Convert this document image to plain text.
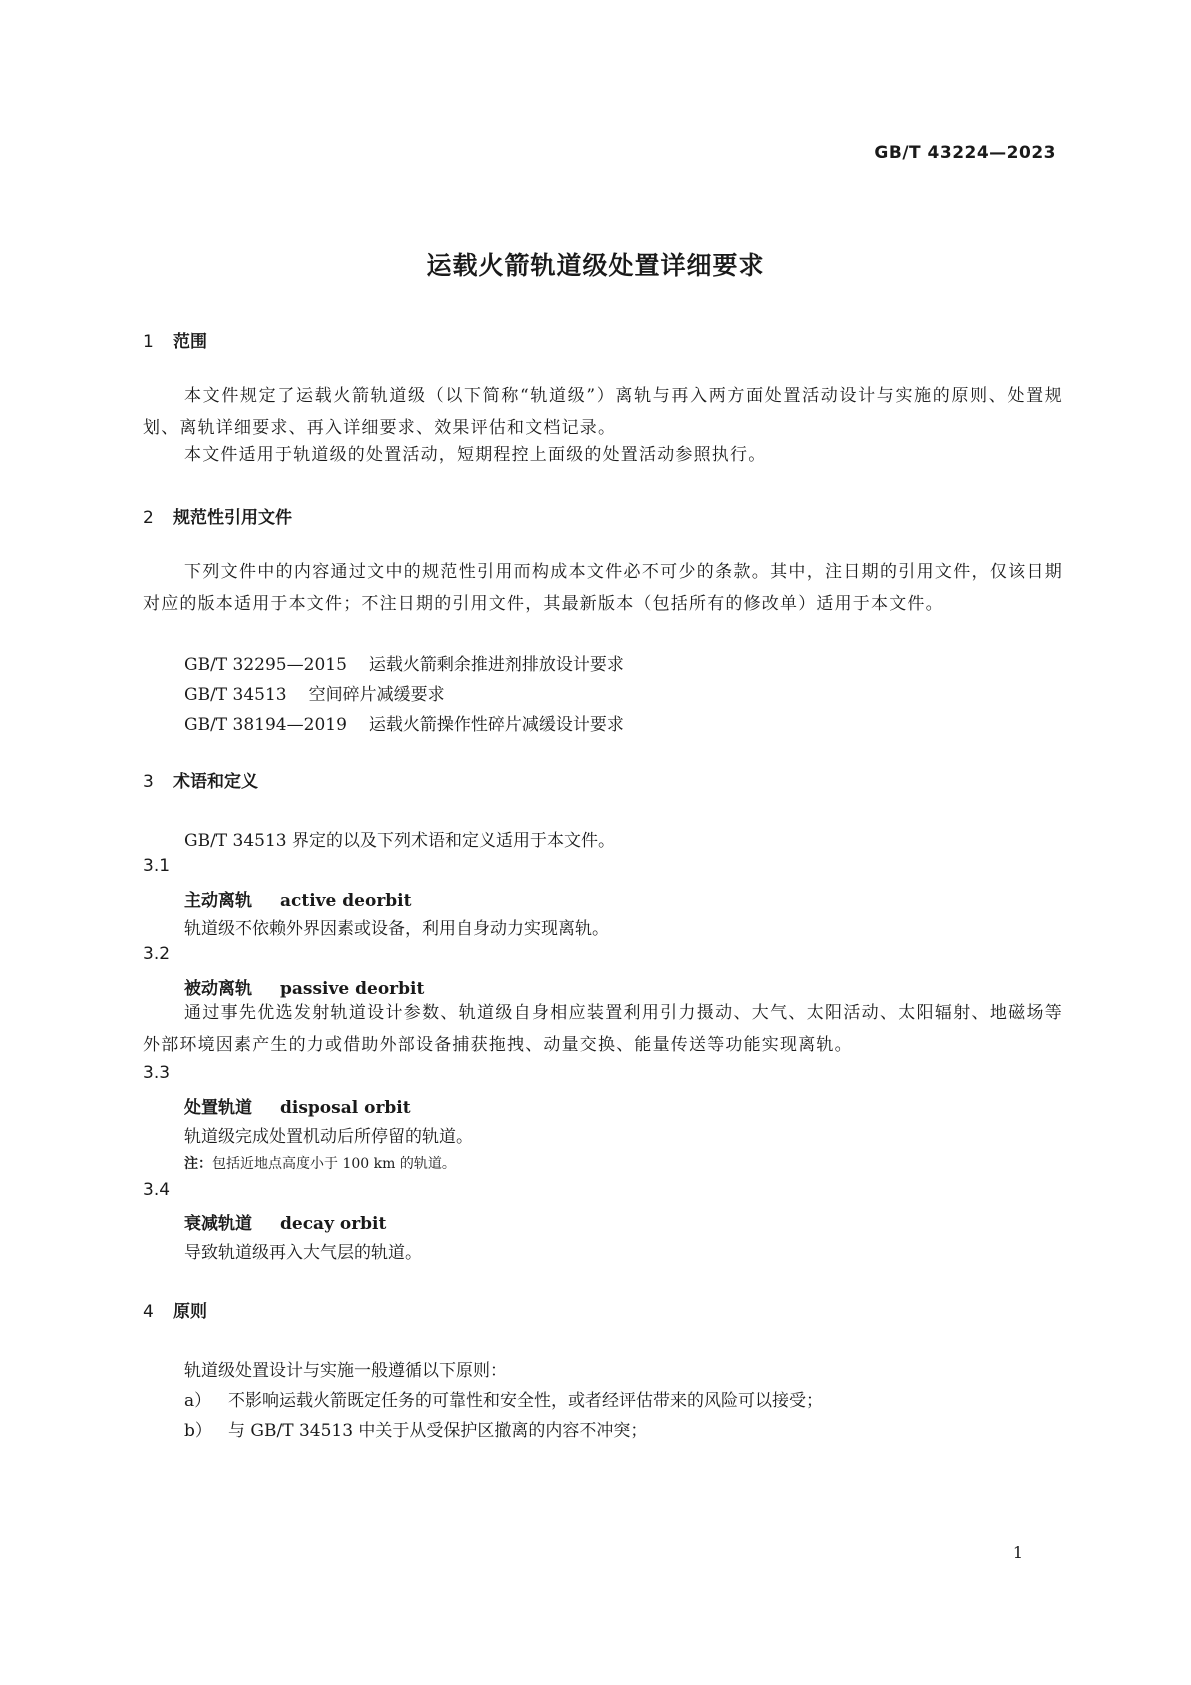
GB/T 43224—2023
运载火箭轨道级处置详细要求
1 范围
本文件规定了运载火箭轨道级（以下简称“轨道级”）离轨与再入两方面处置活动设计与实施的原则、处置规划、离轨详细要求、再入详细要求、效果评估和文档记录。
本文件适用于轨道级的处置活动，短期程控上面级的处置活动参照执行。
2 规范性引用文件
下列文件中的内容通过文中的规范性引用而构成本文件必不可少的条款。其中，注日期的引用文件，仅该日期对应的版本适用于本文件；不注日期的引用文件，其最新版本（包括所有的修改单）适用于本文件。
GB/T 32295—2015 运载火箭剩余推进剂排放设计要求
GB/T 34513 空间碎片减缓要求
GB/T 38194—2019 运载火箭操作性碎片减缓设计要求
3 术语和定义
GB/T 34513 界定的以及下列术语和定义适用于本文件。
3.1
主动离轨 active deorbit
轨道级不依赖外界因素或设备，利用自身动力实现离轨。
3.2
被动离轨 passive deorbit
通过事先优选发射轨道设计参数、轨道级自身相应装置利用引力摄动、大气、太阳活动、太阳辐射、地磁场等外部环境因素产生的力或借助外部设备捕获拖拽、动量交换、能量传送等功能实现离轨。
3.3
处置轨道 disposal orbit
轨道级完成处置机动后所停留的轨道。
注：包括近地点高度小于 100 km 的轨道。
3.4
衰减轨道 decay orbit
导致轨道级再入大气层的轨道。
4 原则
轨道级处置设计与实施一般遵循以下原则：
a） 不影响运载火箭既定任务的可靠性和安全性，或者经评估带来的风险可以接受；
b） 与 GB/T 34513 中关于从受保护区撤离的内容不冲突；
1
